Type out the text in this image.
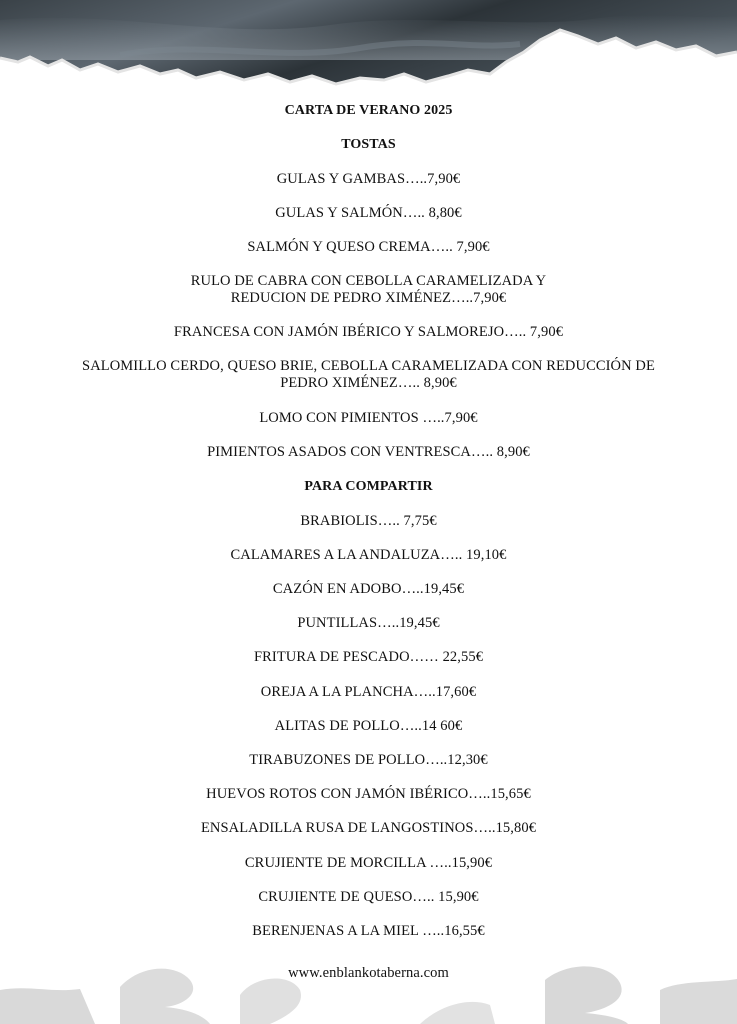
CARTA DE VERANO 2025
TOSTAS
GULAS Y GAMBAS…..7,90€
GULAS Y SALMÓN….. 8,80€
SALMÓN Y QUESO CREMA….. 7,90€
RULO DE CABRA CON CEBOLLA CARAMELIZADA Y
REDUCION DE PEDRO XIMÉNEZ…..7,90€
FRANCESA CON JAMÓN IBÉRICO Y SALMOREJO….. 7,90€
SALOMILLO CERDO, QUESO BRIE, CEBOLLA CARAMELIZADA CON REDUCCIÓN DE
PEDRO XIMÉNEZ….. 8,90€
LOMO CON PIMIENTOS …..7,90€
PIMIENTOS ASADOS CON VENTRESCA….. 8,90€
PARA COMPARTIR
BRABIOLIS….. 7,75€
CALAMARES A LA ANDALUZA….. 19,10€
CAZÓN EN ADOBO…..19,45€
PUNTILLAS…..19,45€
FRITURA DE PESCADO…… 22,55€
OREJA A LA PLANCHA…..17,60€
ALITAS DE POLLO…..14 60€
TIRABUZONES DE POLLO…..12,30€
HUEVOS ROTOS CON JAMÓN IBÉRICO…..15,65€
ENSALADILLA RUSA DE LANGOSTINOS…..15,80€
CRUJIENTE DE MORCILLA …..15,90€
CRUJIENTE DE QUESO….. 15,90€
BERENJENAS A LA MIEL …..16,55€
www.enblankotaberna.com
